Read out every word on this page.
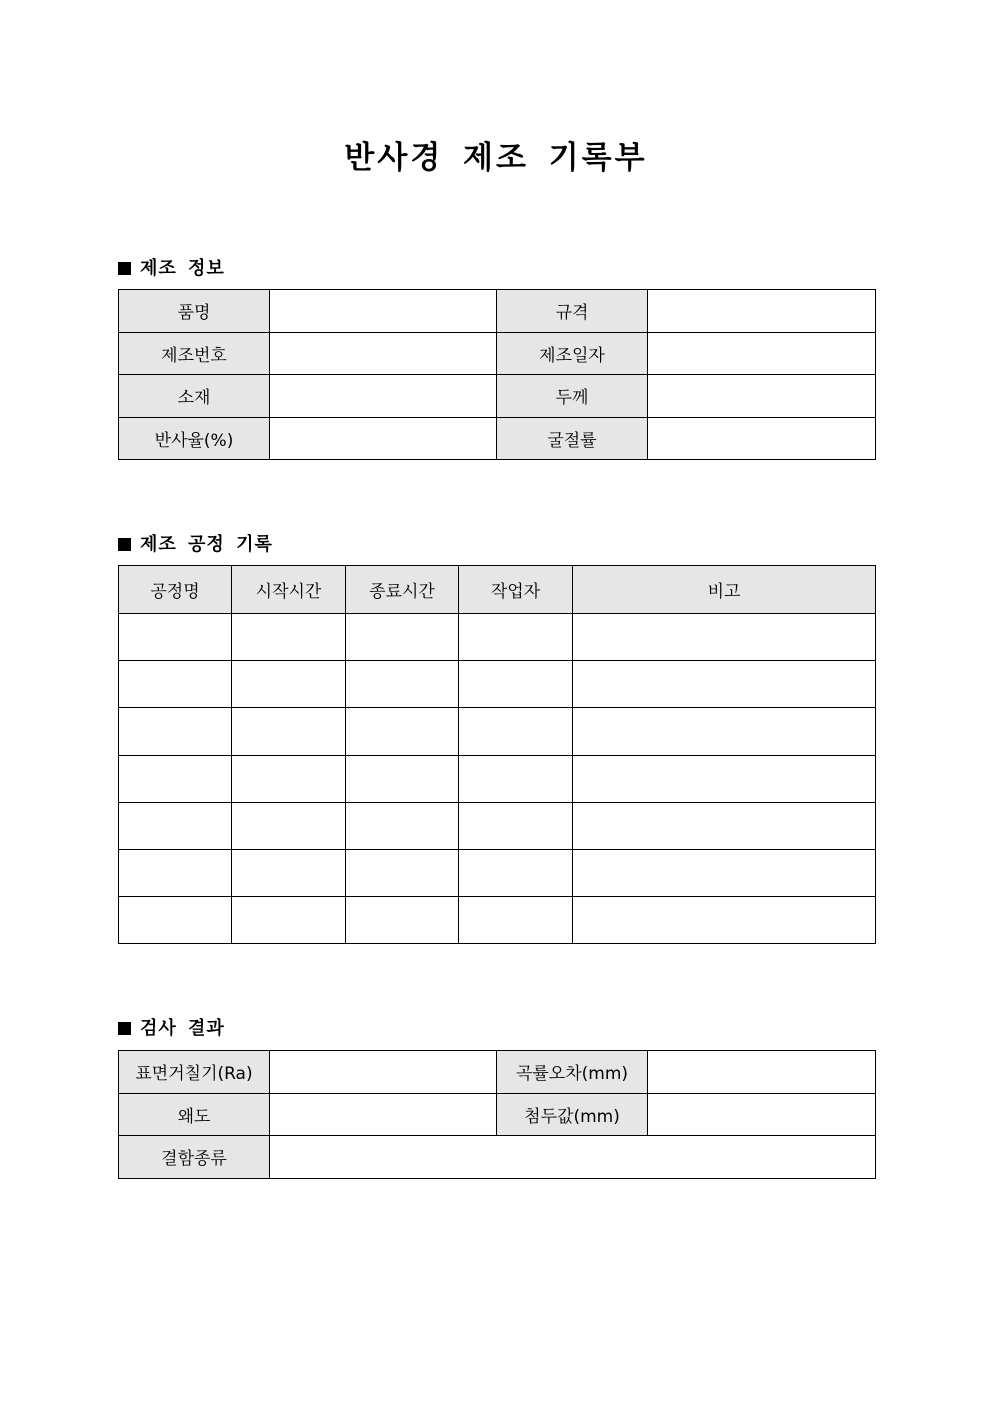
반사경 제조 기록부
제조 정보
품명		규격	
제조번호		제조일자	
소재		두께	
반사율(%)		굴절률	
제조 공정 기록
공정명	시작시간	종료시간	작업자	비고

검사 결과
표면거칠기(Ra)		곡률오차(mm)	
왜도		첨두값(mm)	
결함종류			
